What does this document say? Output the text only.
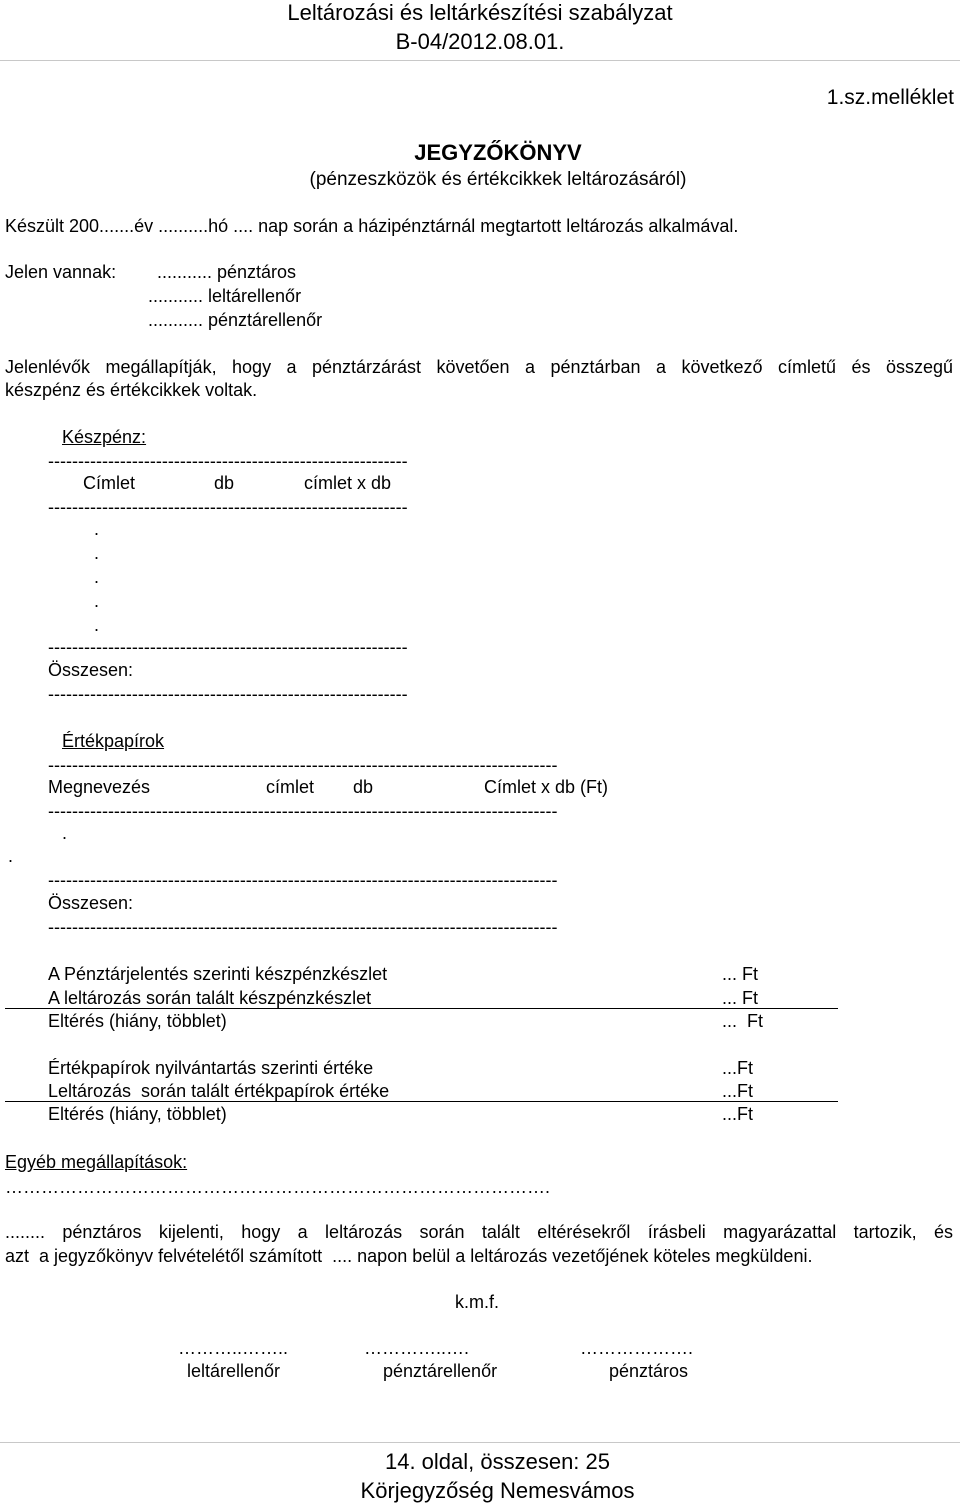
Leltározási és leltárkészítési szabályzat
B-04/2012.08.01.
1.sz.melléklet
JEGYZŐKÖNYV
(pénzeszközök és értékcikkek leltározásáról)
Készült 200.......év ..........hó .... nap során a házipénztárnál megtartott leltározás alkalmával.
Jelen vannak: ........... pénztáros
........... leltárellenőr
........... pénztárellenőr
Jelenlévők megállapítják, hogy a pénztárzárást követően a pénztárban a következő címletű és összegű
készpénz és értékcikkek voltak.
Készpénz:
------------------------------------------------------------
Címlet	db	címlet x db
------------------------------------------------------------
.
.
.
.
.
------------------------------------------------------------
Összesen:
------------------------------------------------------------
Értékpapírok
-------------------------------------------------------------------------------------
Megnevezés	címlet db	Címlet x db (Ft)
-------------------------------------------------------------------------------------
.
.
-------------------------------------------------------------------------------------
Összesen:
-------------------------------------------------------------------------------------
A Pénztárjelentés szerinti készpénzkészlet	... Ft
A leltározás során talált készpénzkészlet	... Ft
Eltérés (hiány, többlet)	...  Ft
Értékpapírok nyilvántartás szerinti értéke	...Ft
Leltározás  során talált értékpapírok értéke	...Ft
Eltérés (hiány, többlet)	...Ft
Egyéb megállapítások:
……………………………………………………………………………….
........ pénztáros kijelenti, hogy a leltározás során talált eltérésekről írásbeli magyarázattal tartozik, és
azt  a jegyzőkönyv felvételétől számított  .... napon belül a leltározás vezetőjének köteles megküldeni.
k.m.f.
………..……..	…………..….	……………….
leltárellenőr	pénztárellenőr	pénztáros
14. oldal, összesen: 25
Körjegyzőség Nemesvámos
